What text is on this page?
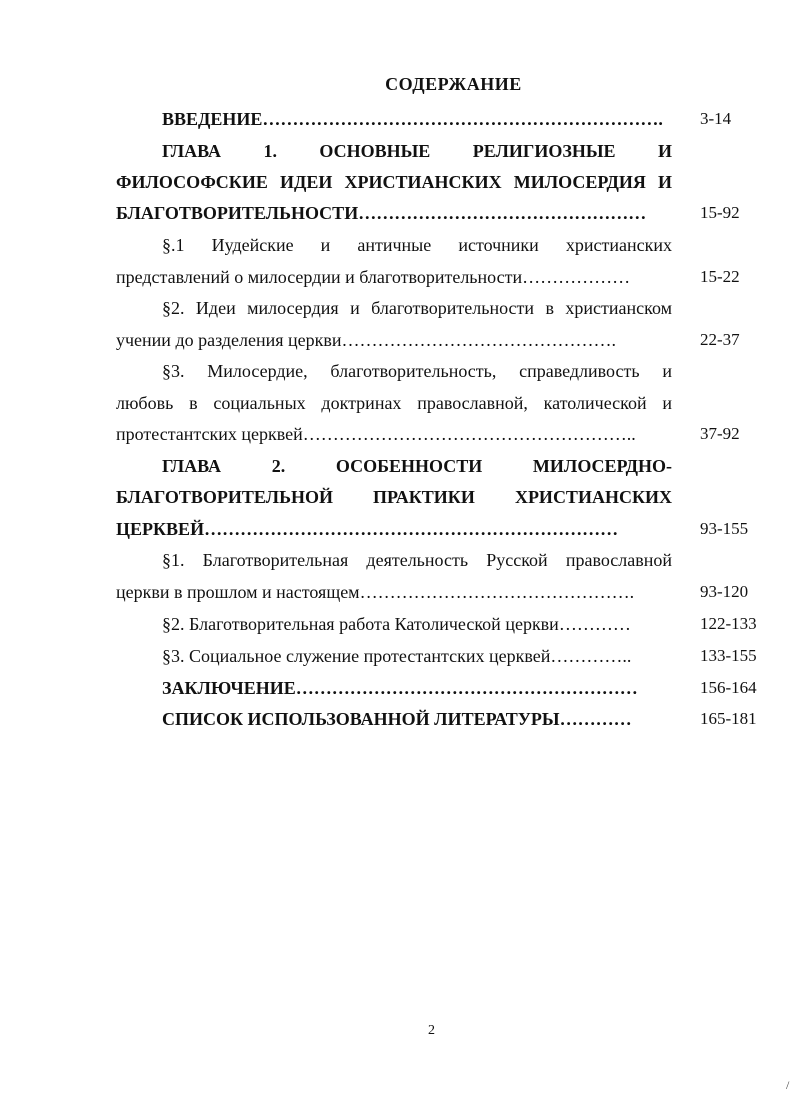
СОДЕРЖАНИЕ
ВВЕДЕНИЕ………………………………………………………….	3-14
ГЛАВА 1. ОСНОВНЫЕ РЕЛИГИОЗНЫЕ И
ФИЛОСОФСКИЕ ИДЕИ ХРИСТИАНСКИХ МИЛОСЕРДИЯ И
БЛАГОТВОРИТЕЛЬНОСТИ…………………………………………	15-92
§.1 Иудейские и античные источники христианских
представлений о милосердии и благотворительности………………	15-22
§2. Идеи милосердия и благотворительности в христианском
учении до разделения церкви……………………………………….	22-37
§3. Милосердие, благотворительность, справедливость и
любовь в социальных доктринах православной, католической и
протестантских церквей………………………………………………..	37-92
ГЛАВА 2. ОСОБЕННОСТИ МИЛОСЕРДНО-
БЛАГОТВОРИТЕЛЬНОЙ ПРАКТИКИ ХРИСТИАНСКИХ
ЦЕРКВЕЙ……………………………………………………………	93-155
§1. Благотворительная деятельность Русской православной
церкви в прошлом и настоящем……………………………………….	93-120
§2. Благотворительная работа Католической церкви…………	122-133
§3. Социальное служение протестантских церквей…………..	133-155
ЗАКЛЮЧЕНИЕ…………………………………………………	156-164
СПИСОК ИСПОЛЬЗОВАННОЙ ЛИТЕРАТУРЫ…………	165-181
2
/
